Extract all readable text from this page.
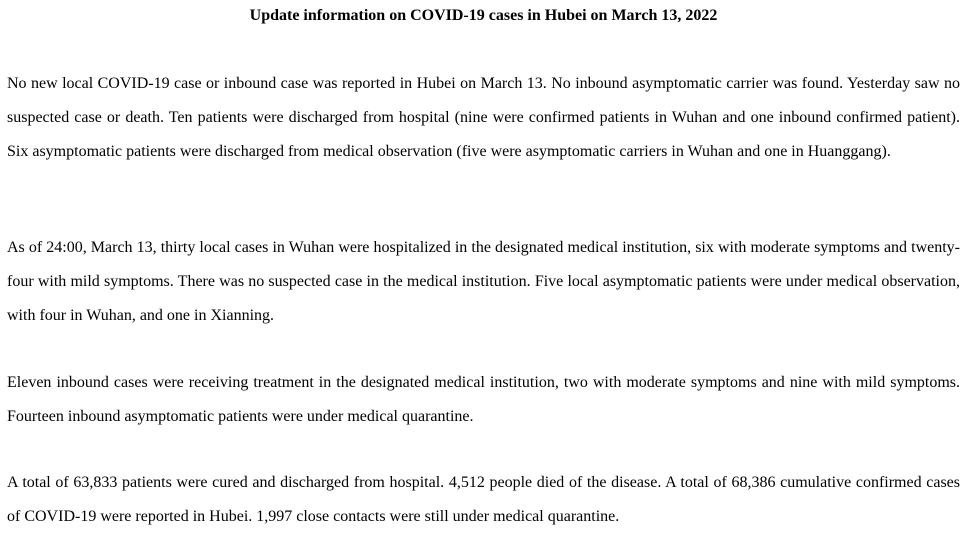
Update information on COVID-19 cases in Hubei on March 13, 2022

No new local COVID-19 case or inbound case was reported in Hubei on March 13. No inbound asymptomatic carrier was found. Yesterday saw no suspected case or death. Ten patients were discharged from hospital (nine were confirmed patients in Wuhan and one inbound confirmed patient). Six asymptomatic patients were discharged from medical observation (five were asymptomatic carriers in Wuhan and one in Huanggang).

As of 24:00, March 13, thirty local cases in Wuhan were hospitalized in the designated medical institution, six with moderate symptoms and twenty-four with mild symptoms. There was no suspected case in the medical institution. Five local asymptomatic patients were under medical observation, with four in Wuhan, and one in Xianning.

Eleven inbound cases were receiving treatment in the designated medical institution, two with moderate symptoms and nine with mild symptoms. Fourteen inbound asymptomatic patients were under medical quarantine.

A total of 63,833 patients were cured and discharged from hospital. 4,512 people died of the disease. A total of 68,386 cumulative confirmed cases of COVID-19 were reported in Hubei. 1,997 close contacts were still under medical quarantine.
